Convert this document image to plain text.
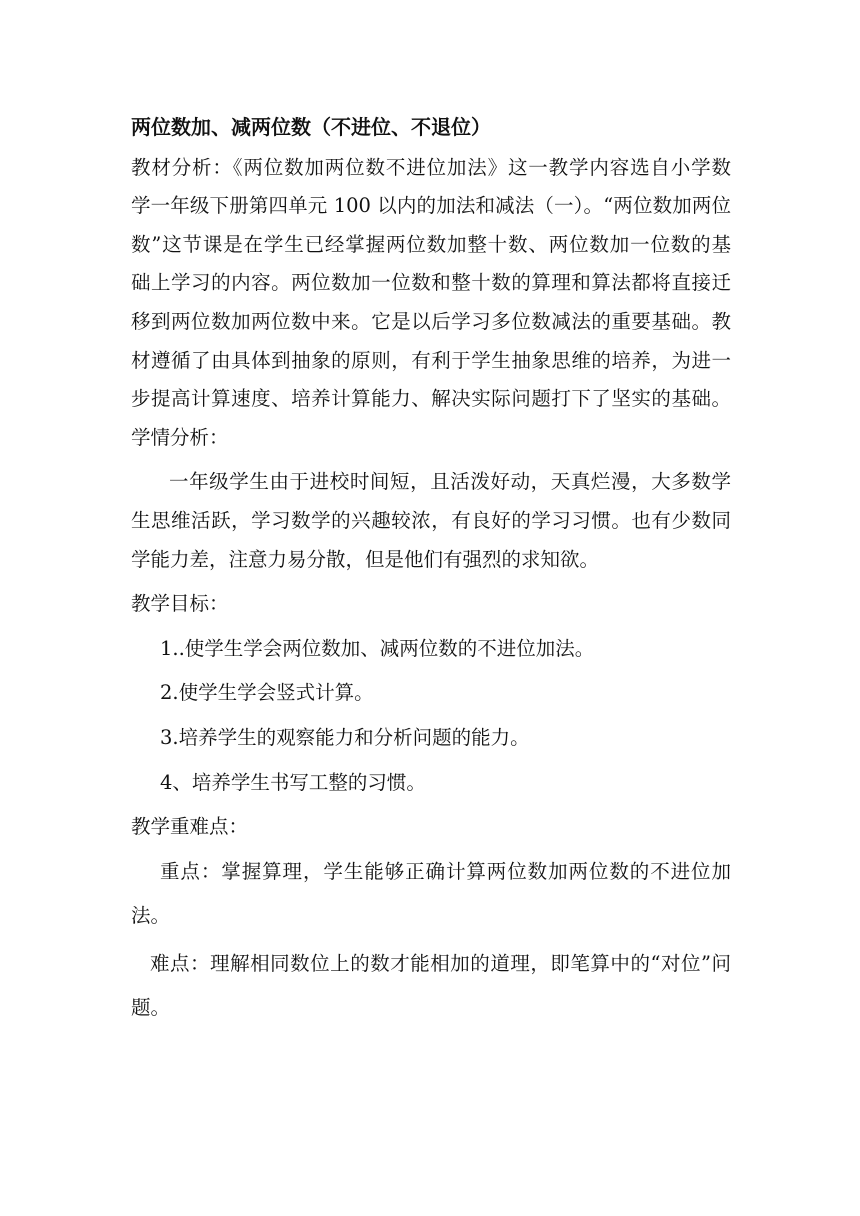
两位数加、减两位数（不进位、不退位）
教材分析：《两位数加两位数不进位加法》这一教学内容选自小学数
学一年级下册第四单元 100 以内的加法和减法（一）。“两位数加两位
数”这节课是在学生已经掌握两位数加整十数、两位数加一位数的基
础上学习的内容。两位数加一位数和整十数的算理和算法都将直接迁
移到两位数加两位数中来。它是以后学习多位数减法的重要基础。教
材遵循了由具体到抽象的原则，有利于学生抽象思维的培养，为进一
步提高计算速度、培养计算能力、解决实际问题打下了坚实的基础。
学情分析：
一年级学生由于进校时间短，且活泼好动，天真烂漫，大多数学
生思维活跃，学习数学的兴趣较浓，有良好的学习习惯。也有少数同
学能力差，注意力易分散，但是他们有强烈的求知欲。
教学目标：
1..使学生学会两位数加、减两位数的不进位加法。
2.使学生学会竖式计算。
3.培养学生的观察能力和分析问题的能力。
4、培养学生书写工整的习惯。
教学重难点：
重点：掌握算理，学生能够正确计算两位数加两位数的不进位加
法。
难点：理解相同数位上的数才能相加的道理，即笔算中的“对位”问
题。
